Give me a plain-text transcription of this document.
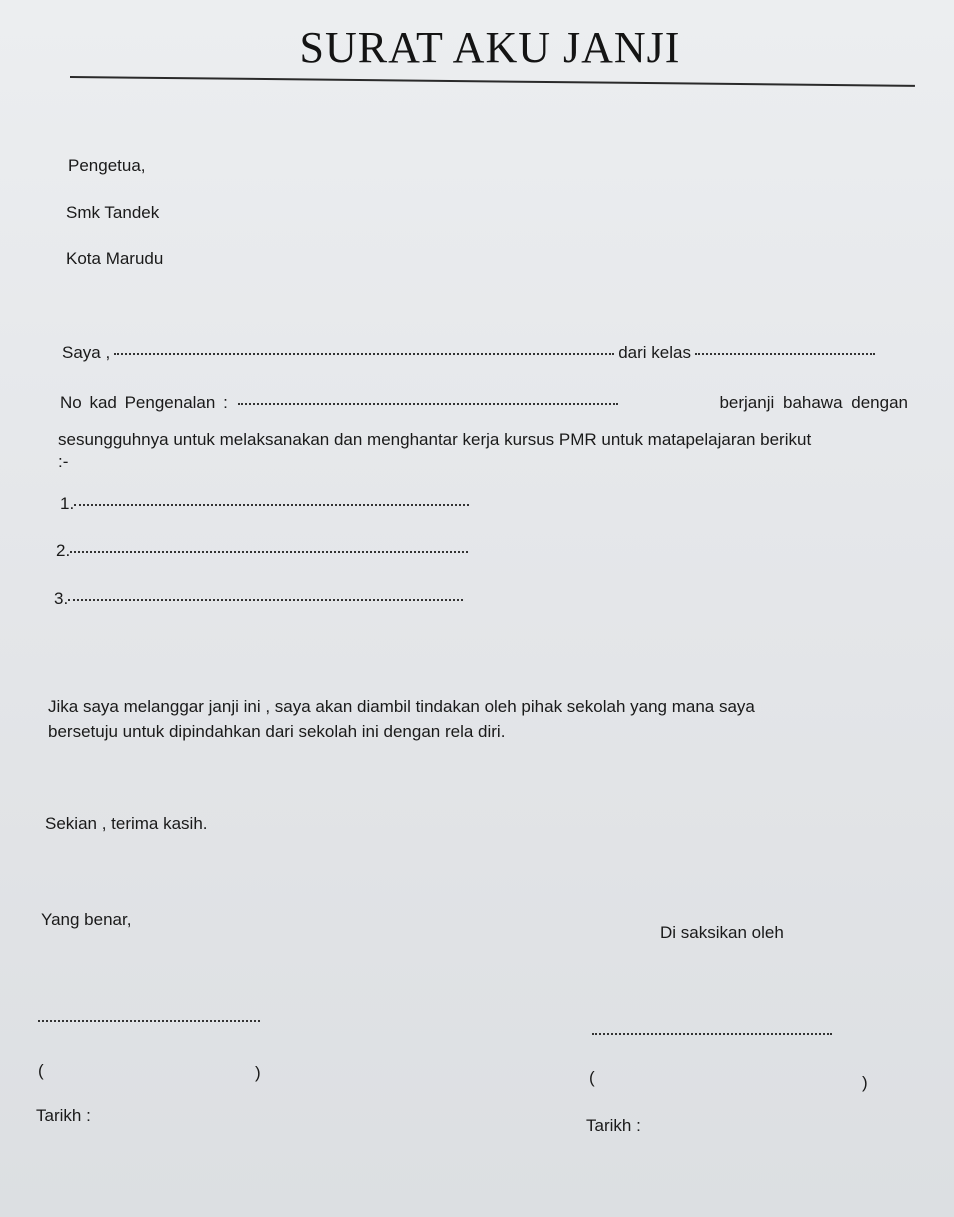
SURAT AKU JANJI
Pengetua,
Smk Tandek
Kota Marudu
Saya ,	dari kelas
No kad Pengenalan :	berjanji bahawa dengan
sesungguhnya untuk melaksanakan dan menghantar kerja kursus PMR untuk matapelajaran berikut
:-
1.
2.
3.
Jika saya melanggar janji ini , saya akan diambil tindakan oleh pihak sekolah yang mana saya
bersetuju untuk dipindahkan dari sekolah ini dengan rela diri.
Sekian , terima kasih.
Yang benar,
(	)
Tarikh :
Di saksikan oleh
(	)
Tarikh :
